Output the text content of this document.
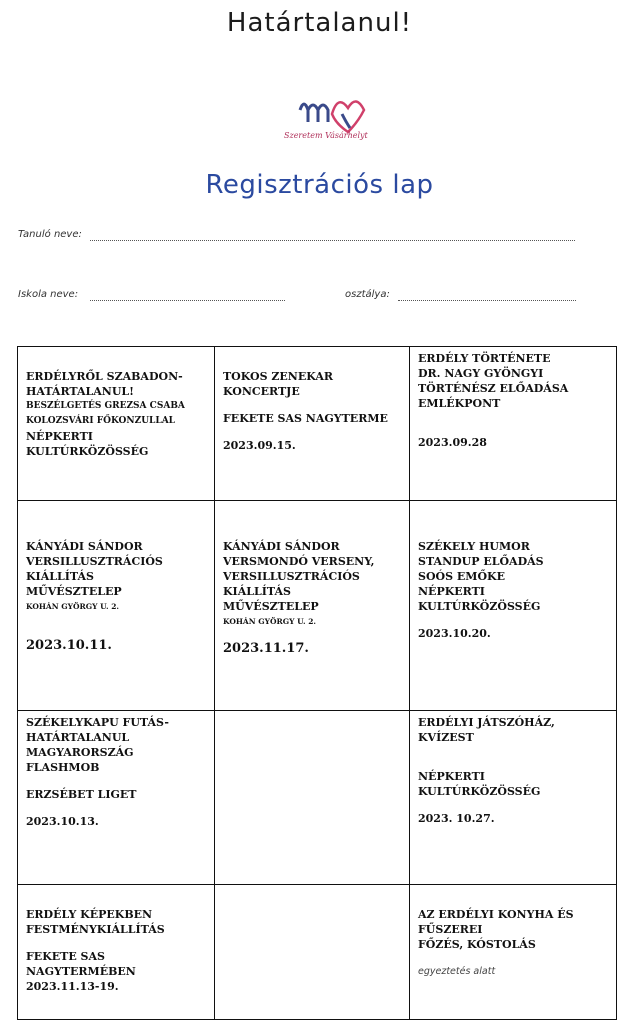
Határtalanul!
Szeretem Vásárhelyt
Regisztrációs lap
Tanuló neve:
Iskola neve:	osztálya:
ERDÉLYRŐL SZABADON-
HATÁRTALANUL!
BESZÉLGETÉS GREZSA CSABA
KOLOZSVÁRI FŐKONZULLAL
NÉPKERTI
KULTÚRKÖZÖSSÉG
TOKOS ZENEKAR
KONCERTJE
FEKETE SAS NAGYTERME
2023.09.15.
ERDÉLY TÖRTÉNETE
DR. NAGY GYÖNGYI
TÖRTÉNÉSZ ELŐADÁSA
EMLÉKPONT
2023.09.28
KÁNYÁDI SÁNDOR
VERSILLUSZTRÁCIÓS
KIÁLLÍTÁS
MŰVÉSZTELEP
KOHÁN GYÖRGY U. 2.
2023.10.11.
KÁNYÁDI SÁNDOR
VERSMONDÓ VERSENY,
VERSILLUSZTRÁCIÓS
KIÁLLÍTÁS
MŰVÉSZTELEP
KOHÁN GYÖRGY U. 2.
2023.11.17.
SZÉKELY HUMOR
STANDUP ELŐADÁS
SOÓS EMŐKE
NÉPKERTI
KULTÚRKÖZÖSSÉG
2023.10.20.
SZÉKELYKAPU FUTÁS-
HATÁRTALANUL
MAGYARORSZÁG
FLASHMOB
ERZSÉBET LIGET
2023.10.13.
ERDÉLYI JÁTSZÓHÁZ,
KVÍZEST
NÉPKERTI
KULTÚRKÖZÖSSÉG
2023. 10.27.
ERDÉLY KÉPEKBEN
FESTMÉNYKIÁLLÍTÁS
FEKETE SAS
NAGYTERMÉBEN
2023.11.13-19.
AZ ERDÉLYI KONYHA ÉS
FŰSZEREI
FŐZÉS, KÓSTOLÁS
egyeztetés alatt
